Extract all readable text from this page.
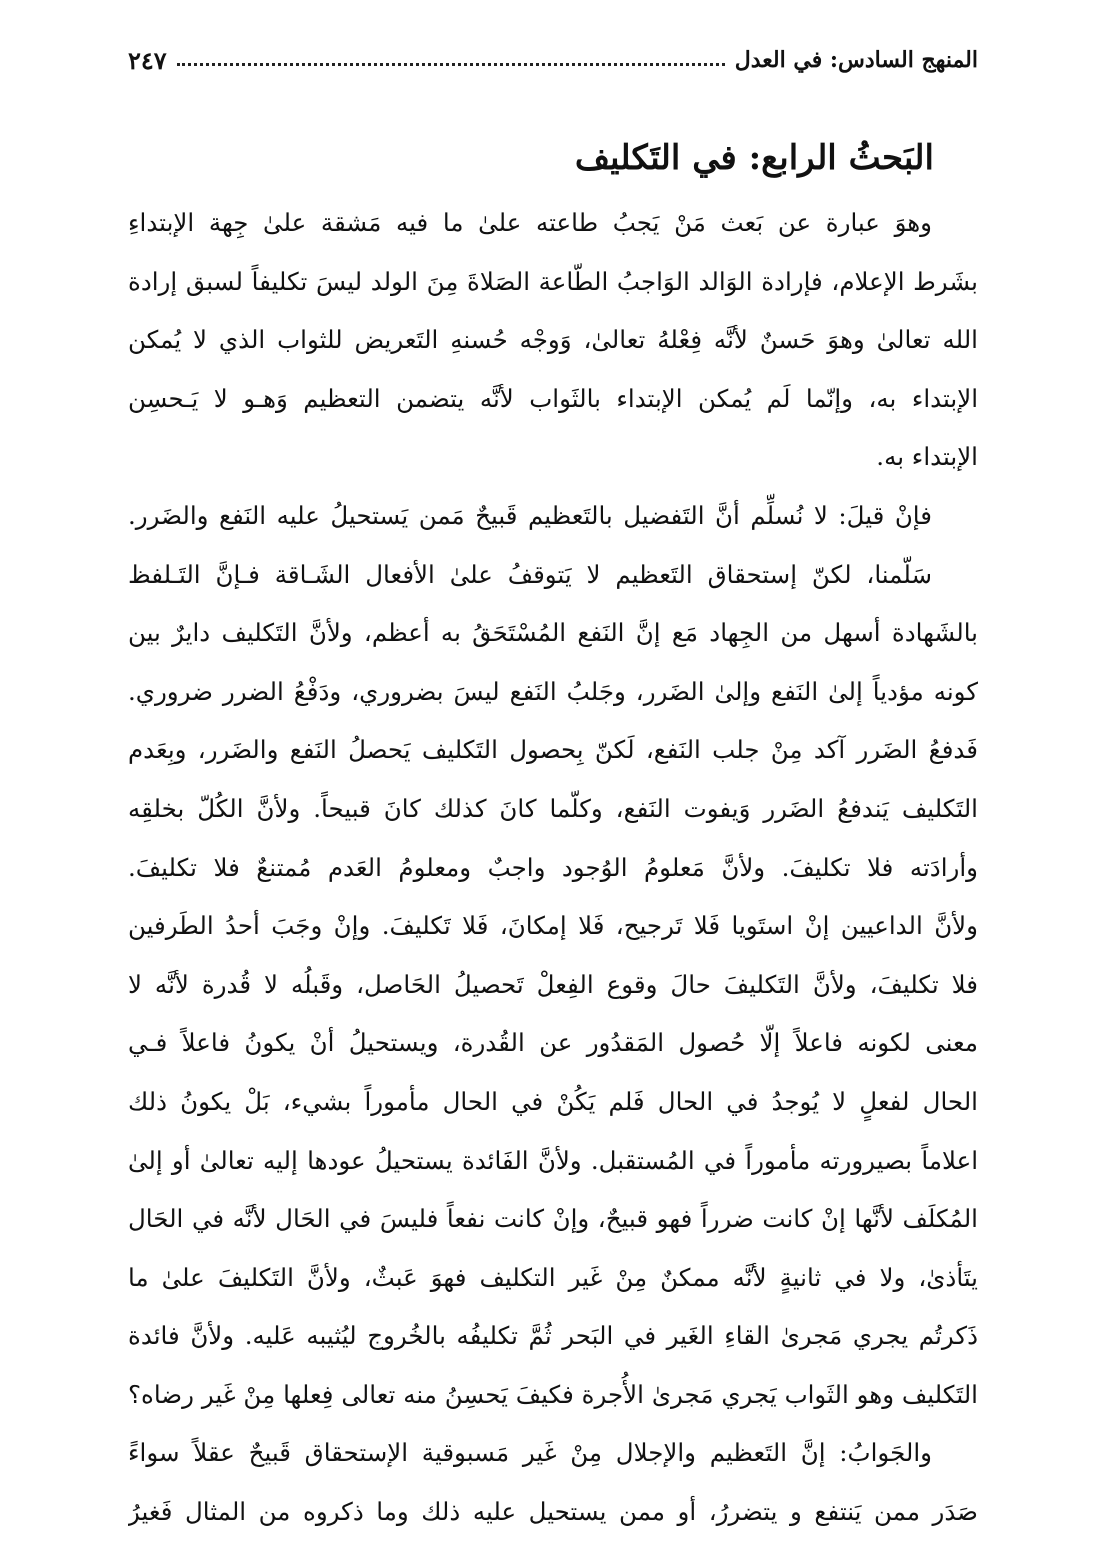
المنهج السادس: في العدل
٢٤٧
البَحثُ الرابع: في التَكليف
وهوَ عبارة عن بَعث مَنْ يَجبُ طاعته علىٰ ما فيه مَشقة علىٰ جِهة الإبتداءِ
بشَرط الإعلام، فإرادة الوَالد الوَاجبُ الطّاعة الصَلاةَ مِنَ الولد ليسَ تكليفاً لسبق إرادة
الله تعالىٰ وهوَ حَسنٌ لأنَّه فِعْلهُ تعالىٰ، وَوجْه حُسنهِ التَعريض للثواب الذي لا يُمكن
الإبتداء به، وإنّما لَم يُمكن الإبتداء بالثَواب لأنَّه يتضمن التعظيم وَهـو لا يَـحسِن
الإبتداء به.
فإنْ قيلَ: لا نُسلِّم أنَّ التَفضيل بالتَعظيم قَبيحٌ مَمن يَستحيلُ عليه النَفع والضَرر.
سَلّمنا، لكنّ إستحقاق التَعظيم لا يَتوقفُ علىٰ الأفعال الشَـاقة فـإنَّ التَـلفظ
بالشَهادة أسهل من الجِهاد مَع إنَّ النَفع المُسْتَحَقُ به أعظم، ولأنَّ التَكليف دايرٌ بين
كونه مؤدياً إلىٰ النَفع وإلىٰ الضَرر، وجَلبُ النَفع ليسَ بضروري، ودَفْعُ الضرر ضروري.
فَدفعُ الضَرر آكد مِنْ جلب النَفع، لَكنّ بِحصول التَكليف يَحصلُ النَفع والضَرر، وبِعَدم
التَكليف يَندفعُ الضَرر وَيفوت النَفع، وكلّما كانَ كذلك كانَ قبيحاً. ولأنَّ الكُلّ بخلقِه
وأرادَته فلا تكليفَ. ولأنَّ مَعلومُ الوُجود واجبٌ ومعلومُ العَدم مُمتنعٌ فلا تكليفَ.
ولأنَّ الداعيين إنْ استَويا فَلا تَرجيح، فَلا إمكانَ، فَلا تَكليفَ. وإنْ وجَبَ أحدُ الطَرفين
فلا تكليفَ، ولأنَّ التَكليفَ حالَ وقوع الفِعلْ تَحصيلُ الحَاصل، وقَبلُه لا قُدرة لأنَّه لا
معنى لكونه فاعلاً إلّا حُصول المَقدُور عن القُدرة، ويستحيلُ أنْ يكونُ فاعلاً فـي
الحال لفعلٍ لا يُوجدُ في الحال فَلم يَكُنْ في الحال مأموراً بشيء، بَلْ يكونُ ذلك
اعلاماً بصيرورته مأموراً في المُستقبل. ولأنَّ الفَائدة يستحيلُ عودها إليه تعالىٰ أو إلىٰ
المُكلَف لأنَّها إنْ كانت ضرراً فهو قبيحٌ، وإنْ كانت نفعاً فليسَ في الحَال لأنَّه في الحَال
يتَأذىٰ، ولا في ثانيةٍ لأنَّه ممكنٌ مِنْ غَير التكليف فهوَ عَبثٌ، ولأنَّ التَكليفَ علىٰ ما
ذَكرتُم يجري مَجرىٰ القاءِ الغَير في البَحر ثُمَّ تكليفُه بالخُروج ليُثيبه عَليه. ولأنَّ فائدة
التَكليف وهو الثَواب يَجري مَجرىٰ الأُجرة فكيفَ يَحسِنُ منه تعالى فِعلها مِنْ غَير رضاه؟
والجَوابُ: إنَّ التَعظيم والإجلال مِنْ غَير مَسبوقية الإستحقاق قَبيحٌ عقلاً سواءً
صَدَر ممن يَنتفع و يتضررُ، أو ممن يستحيل عليه ذلك وما ذكروه من المثال فَغيرُ
